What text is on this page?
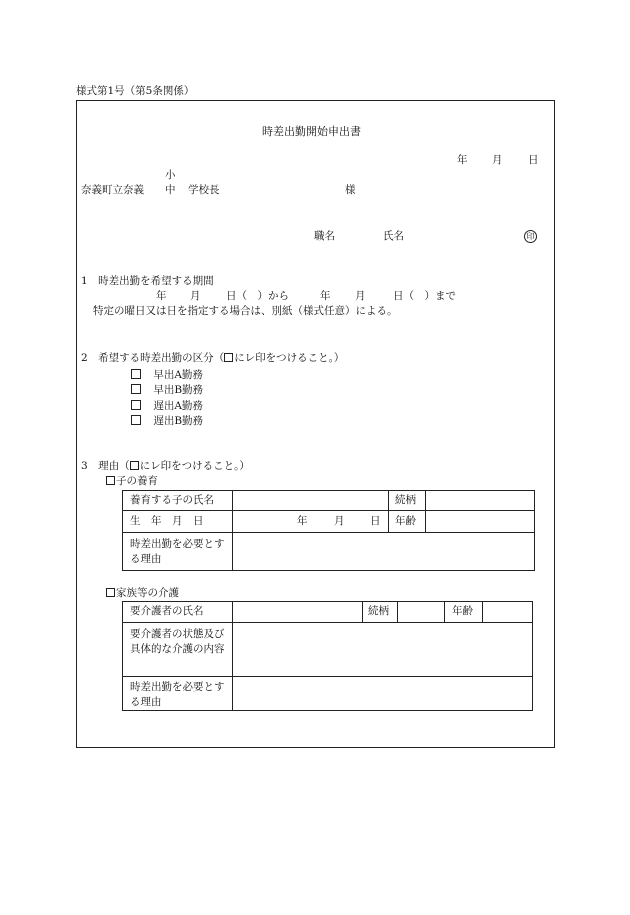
様式第1号（第5条関係）
時差出勤開始申出書
年 月 日
小
奈義町立奈義 中 学校長	様
職名	氏名	印
1　時差出勤を希望する期間
年 月 日（　）から	年 月	日（　）まで
特定の曜日又は日を指定する場合は、別紙（様式任意）による。
2　希望する時差出勤の区分（ にレ印をつけること。）
早出A勤務
早出B勤務
遅出A勤務
遅出B勤務
3　理由（ にレ印をつけること。）
子の養育
養育する子の氏名	続柄
生　年　月　日	年	月 日 年齢
時差出勤を必要とする理由
家族等の介護
要介護者の氏名	続柄	年齢
要介護者の状態及び具体的な介護の内容
時差出勤を必要とする理由
